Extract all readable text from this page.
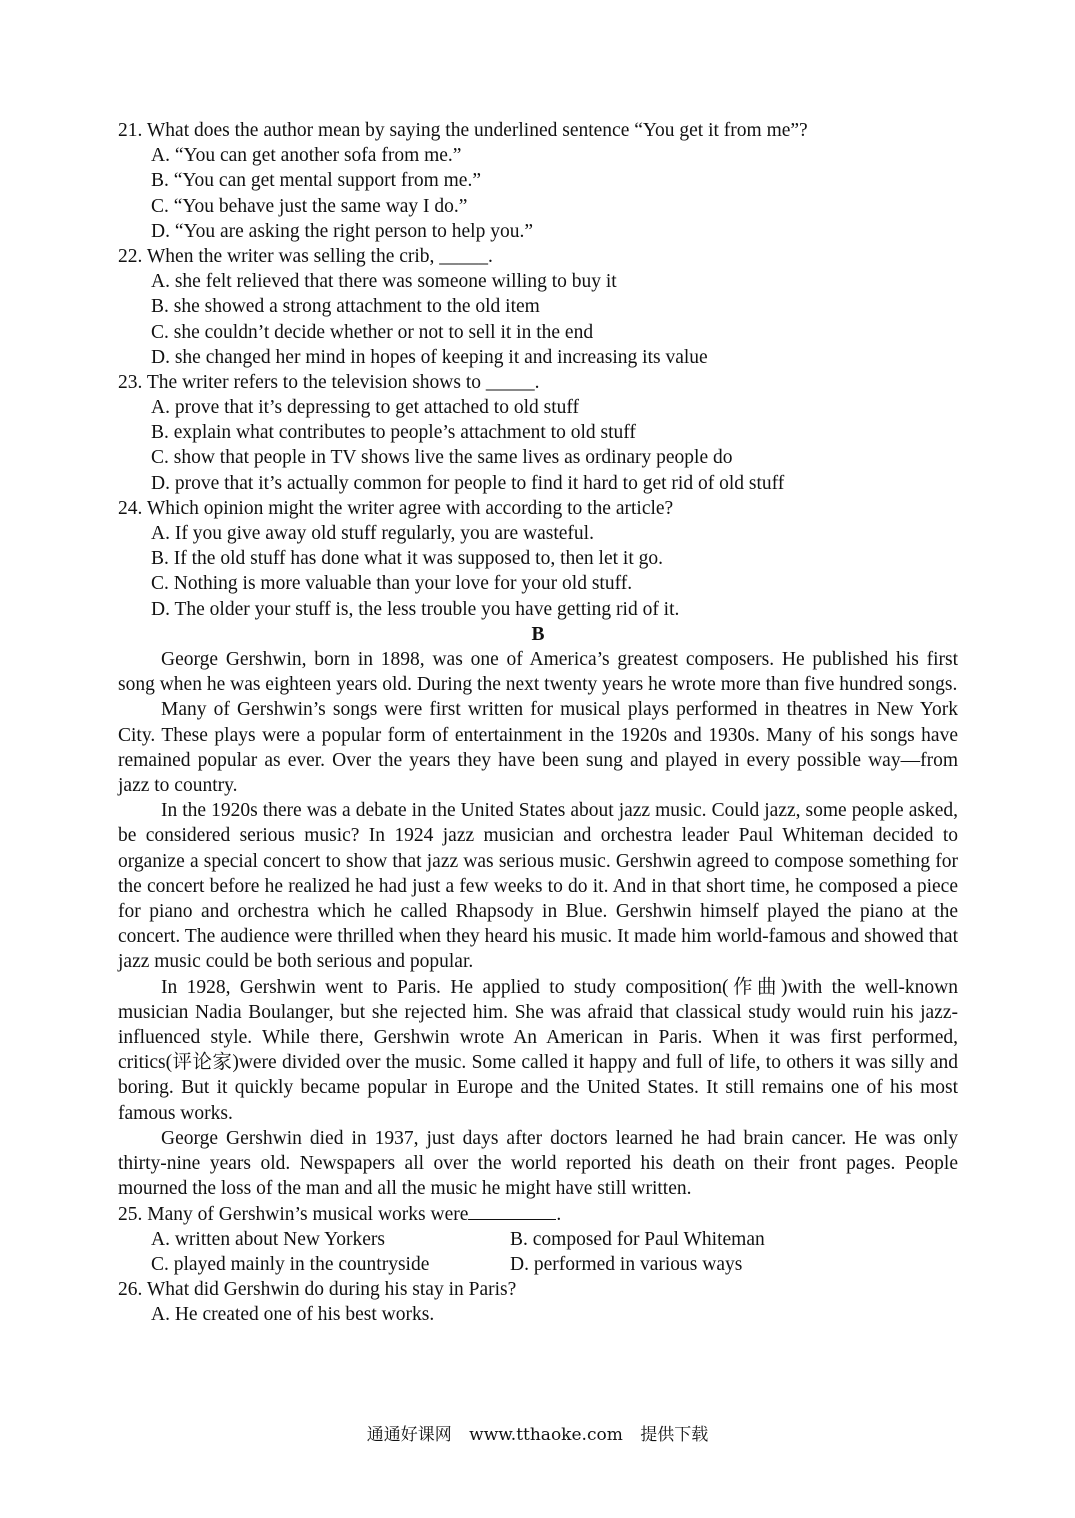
21. What does the author mean by saying the underlined sentence “You get it from me”?
A. “You can get another sofa from me.”
B. “You can get mental support from me.”
C. “You behave just the same way I do.”
D. “You are asking the right person to help you.”
22. When the writer was selling the crib, _____.
A. she felt relieved that there was someone willing to buy it
B. she showed a strong attachment to the old item
C. she couldn’t decide whether or not to sell it in the end
D. she changed her mind in hopes of keeping it and increasing its value
23. The writer refers to the television shows to _____.
A. prove that it’s depressing to get attached to old stuff
B. explain what contributes to people’s attachment to old stuff
C. show that people in TV shows live the same lives as ordinary people do
D. prove that it’s actually common for people to find it hard to get rid of old stuff
24. Which opinion might the writer agree with according to the article?
A. If you give away old stuff regularly, you are wasteful.
B. If the old stuff has done what it was supposed to, then let it go.
C. Nothing is more valuable than your love for your old stuff.
D. The older your stuff is, the less trouble you have getting rid of it.
B
George Gershwin, born in 1898, was one of America’s greatest composers. He published his first song when he was eighteen years old. During the next twenty years he wrote more than five hundred songs.
Many of Gershwin’s songs were first written for musical plays performed in theatres in New York City. These plays were a popular form of entertainment in the 1920s and 1930s. Many of his songs have remained popular as ever. Over the years they have been sung and played in every possible way—from jazz to country.
In the 1920s there was a debate in the United States about jazz music. Could jazz, some people asked, be considered serious music? In 1924 jazz musician and orchestra leader Paul Whiteman decided to organize a special concert to show that jazz was serious music. Gershwin agreed to compose something for the concert before he realized he had just a few weeks to do it. And in that short time, he composed a piece for piano and orchestra which he called Rhapsody in Blue. Gershwin himself played the piano at the concert. The audience were thrilled when they heard his music. It made him world-famous and showed that jazz music could be both serious and popular.
In 1928, Gershwin went to Paris. He applied to study composition(作曲)with the well-known musician Nadia Boulanger, but she rejected him. She was afraid that classical study would ruin his jazz-influenced style. While there, Gershwin wrote An American in Paris. When it was first performed, critics(评论家)were divided over the music. Some called it happy and full of life, to others it was silly and boring. But it quickly became popular in Europe and the United States. It still remains one of his most famous works.
George Gershwin died in 1937, just days after doctors learned he had brain cancer. He was only thirty-nine years old. Newspapers all over the world reported his death on their front pages. People mourned the loss of the man and all the music he might have still written.
25. Many of Gershwin’s musical works were	.
A. written about New Yorkers	B. composed for Paul Whiteman
C. played mainly in the countryside	D. performed in various ways
26. What did Gershwin do during his stay in Paris?
A. He created one of his best works.
通通好课网 www.tthaoke.com 提供下载
